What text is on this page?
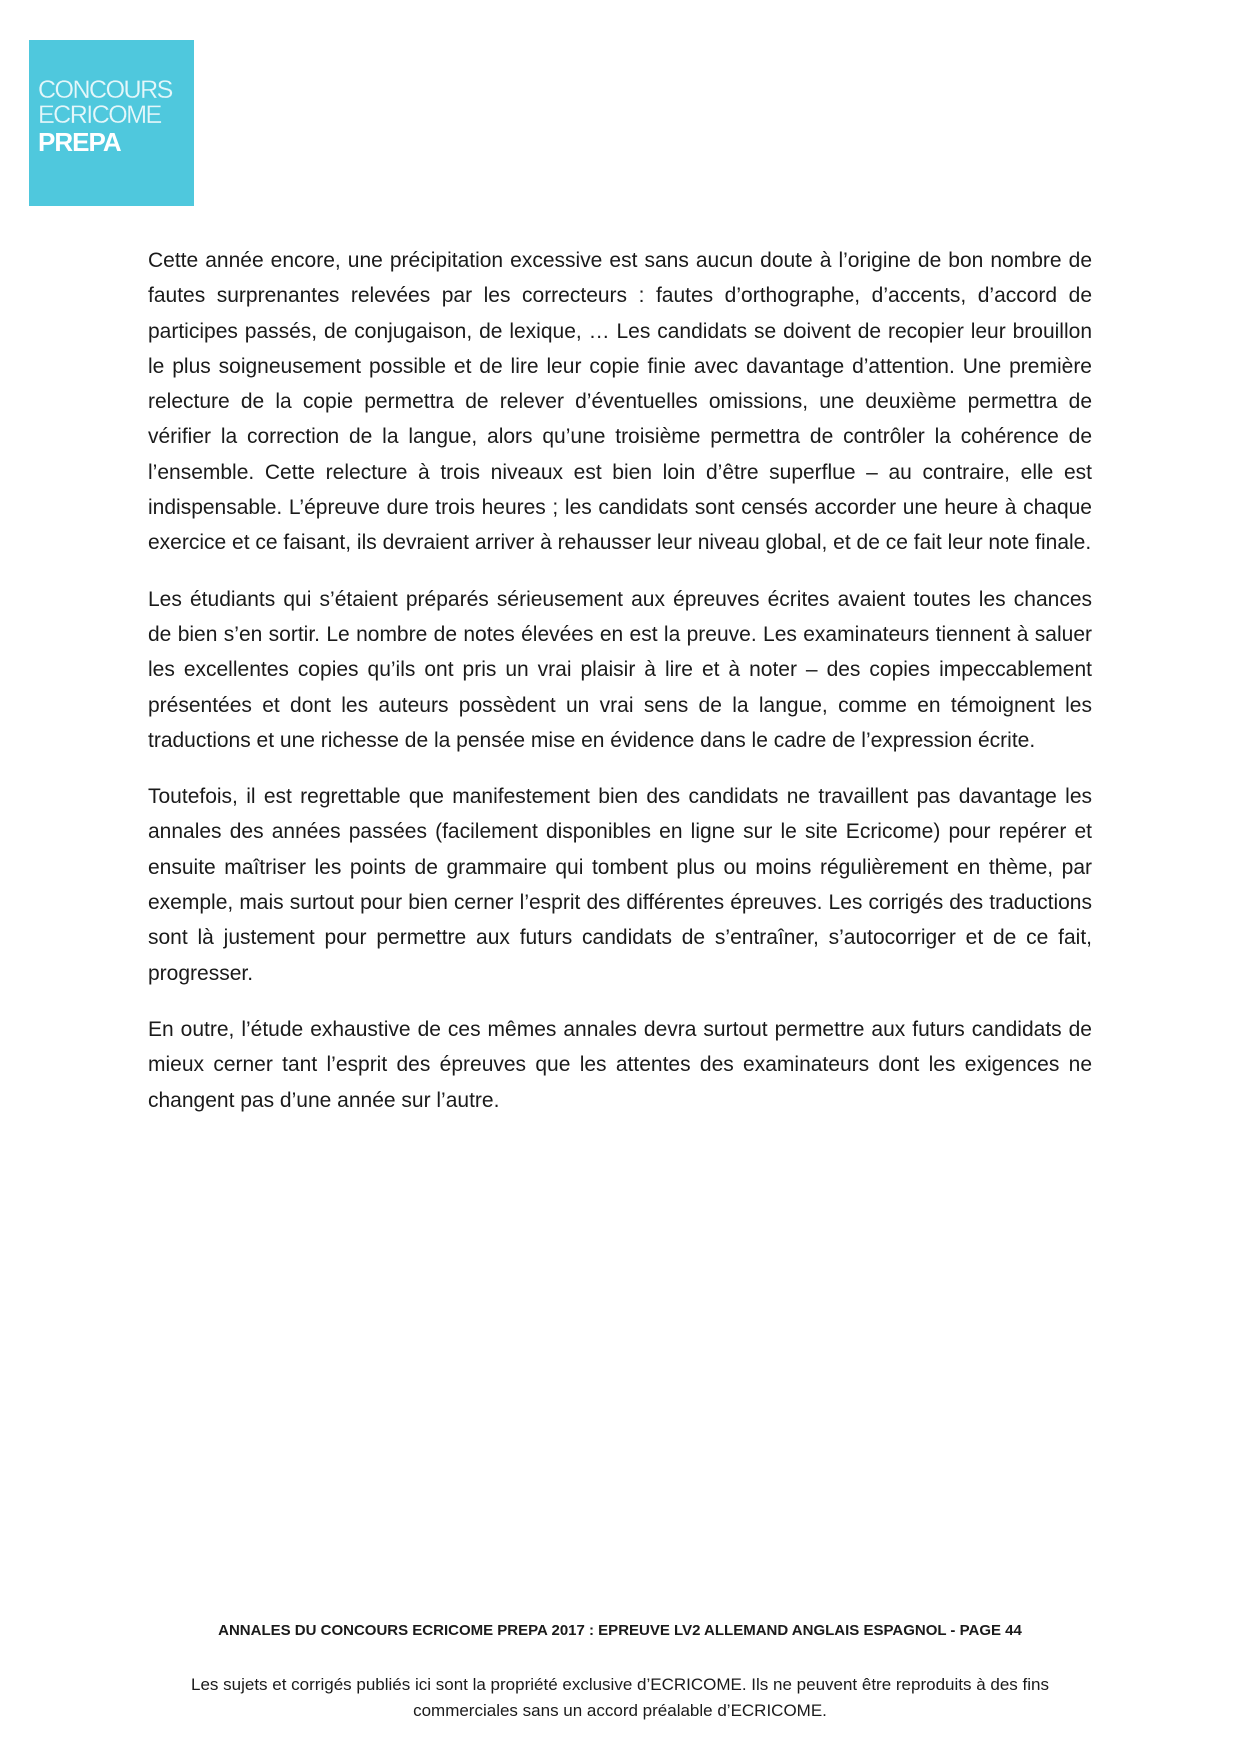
CONCOURS
ECRICOME
PREPA

Cette année encore, une précipitation excessive est sans aucun doute à l’origine de bon nombre de fautes surprenantes relevées par les correcteurs : fautes d’orthographe, d’accents, d’accord de participes passés, de conjugaison, de lexique, … Les candidats se doivent de recopier leur brouillon le plus soigneusement possible et de lire leur copie finie avec davantage d’attention. Une première relecture de la copie permettra de relever d’éventuelles omissions, une deuxième permettra de vérifier la correction de la langue, alors qu’une troisième permettra de contrôler la cohérence de l’ensemble. Cette relecture à trois niveaux est bien loin d’être superflue – au contraire, elle est indispensable. L’épreuve dure trois heures ; les candidats sont censés accorder une heure à chaque exercice et ce faisant, ils devraient arriver à rehausser leur niveau global, et de ce fait leur note finale.

Les étudiants qui s’étaient préparés sérieusement aux épreuves écrites avaient toutes les chances de bien s’en sortir. Le nombre de notes élevées en est la preuve. Les examinateurs tiennent à saluer les excellentes copies qu’ils ont pris un vrai plaisir à lire et à noter – des copies impeccablement présentées et dont les auteurs possèdent un vrai sens de la langue, comme en témoignent les traductions et une richesse de la pensée mise en évidence dans le cadre de l’expression écrite.

Toutefois, il est regrettable que manifestement bien des candidats ne travaillent pas davantage les annales des années passées (facilement disponibles en ligne sur le site Ecricome) pour repérer et ensuite maîtriser les points de grammaire qui tombent plus ou moins régulièrement en thème, par exemple, mais surtout pour bien cerner l’esprit des différentes épreuves. Les corrigés des traductions sont là justement pour permettre aux futurs candidats de s’entraîner, s’autocorriger et de ce fait, progresser.

En outre, l’étude exhaustive de ces mêmes annales devra surtout permettre aux futurs candidats de mieux cerner tant l’esprit des épreuves que les attentes des examinateurs dont les exigences ne changent pas d’une année sur l’autre.

ANNALES DU CONCOURS ECRICOME PREPA 2017 : EPREUVE LV2 ALLEMAND ANGLAIS ESPAGNOL - PAGE 44
Les sujets et corrigés publiés ici sont la propriété exclusive d’ECRICOME. Ils ne peuvent être reproduits à des fins commerciales sans un accord préalable d’ECRICOME.
